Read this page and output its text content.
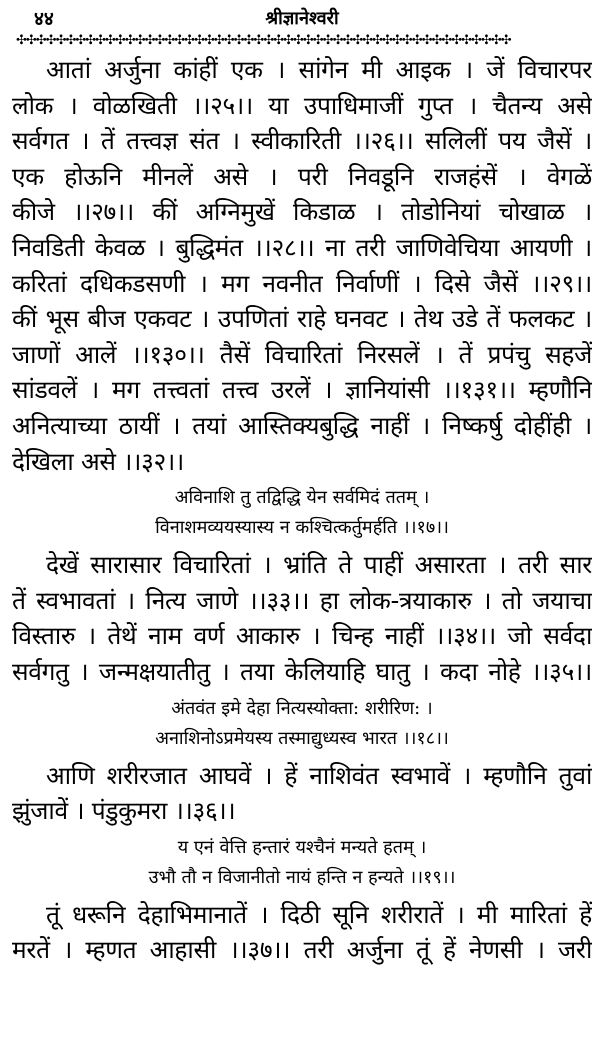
४४	श्रीज्ञानेश्वरी
✣✣✣✣✣✣✣✣✣✣✣✣✣✣✣✣✣✣✣✣✣✣✣✣✣✣✣✣✣✣✣✣✣✣✣✣✣✣✣✣✣✣✣✣✣✣✣✣✣✣
आतां अर्जुना कांहीं एक । सांगेन मी आइक । जें विचारपर
लोक । वोळखिती ।।२५।। या उपाधिमाजीं गुप्त । चैतन्य असे
सर्वगत । तें तत्त्वज्ञ संत । स्वीकारिती ।।२६।। सलिलीं पय जैसें ।
एक होऊनि मीनलें असे । परी निवडूनि राजहंसें । वेगळें
कीजे ।।२७।। कीं अग्निमुखें किडाळ । तोडोनियां चोखाळ ।
निवडिती केवळ । बुद्धिमंत ।।२८।। ना तरी जाणिवेचिया आयणी ।
करितां दधिकडसणी । मग नवनीत निर्वाणीं । दिसे जैसें ।।२९।।
कीं भूस बीज एकवट । उपणितां राहे घनवट । तेथ उडे तें फलकट ।
जाणों आलें ।।१३०।। तैसें विचारितां निरसलें । तें प्रपंचु सहजें
सांडवलें । मग तत्त्वतां तत्त्व उरलें । ज्ञानियांसी ।।१३१।। म्हणौनि
अनित्याच्या ठायीं । तयां आस्तिक्यबुद्धि नाहीं । निष्कर्षु दोहींही ।
देखिला असे ।।३२।।
अविनाशि तु तद्विद्धि येन सर्वमिदं ततम् ।
विनाशमव्ययस्यास्य न कश्चित्कर्तुमर्हति ।।१७।।
देखें सारासार विचारितां । भ्रांति ते पाहीं असारता । तरी सार
तें स्वभावतां । नित्य जाणे ।।३३।। हा लोक-त्रयाकारु । तो जयाचा
विस्तारु । तेथें नाम वर्ण आकारु । चिन्ह नाहीं ।।३४।। जो सर्वदा
सर्वगतु । जन्मक्षयातीतु । तया केलियाहि घातु । कदा नोहे ।।३५।।
अंतवंत इमे देहा नित्यस्योक्ता: शरीरिण: ।
अनाशिनोऽप्रमेयस्य तस्माद्युध्यस्व भारत ।।१८।।
आणि शरीरजात आघवें । हें नाशिवंत स्वभावें । म्हणौनि तुवां
झुंजावें । पंडुकुमरा ।।३६।।
य एनं वेत्ति हन्तारं यश्चैनं मन्यते हतम् ।
उभौ तौ न विजानीतो नायं हन्ति न हन्यते ।।१९।।
तूं धरूनि देहाभिमानातें । दिठी सूनि शरीरातें । मी मारितां हें
मरतें । म्हणत आहासी ।।३७।। तरी अर्जुना तूं हें नेणसी । जरी
